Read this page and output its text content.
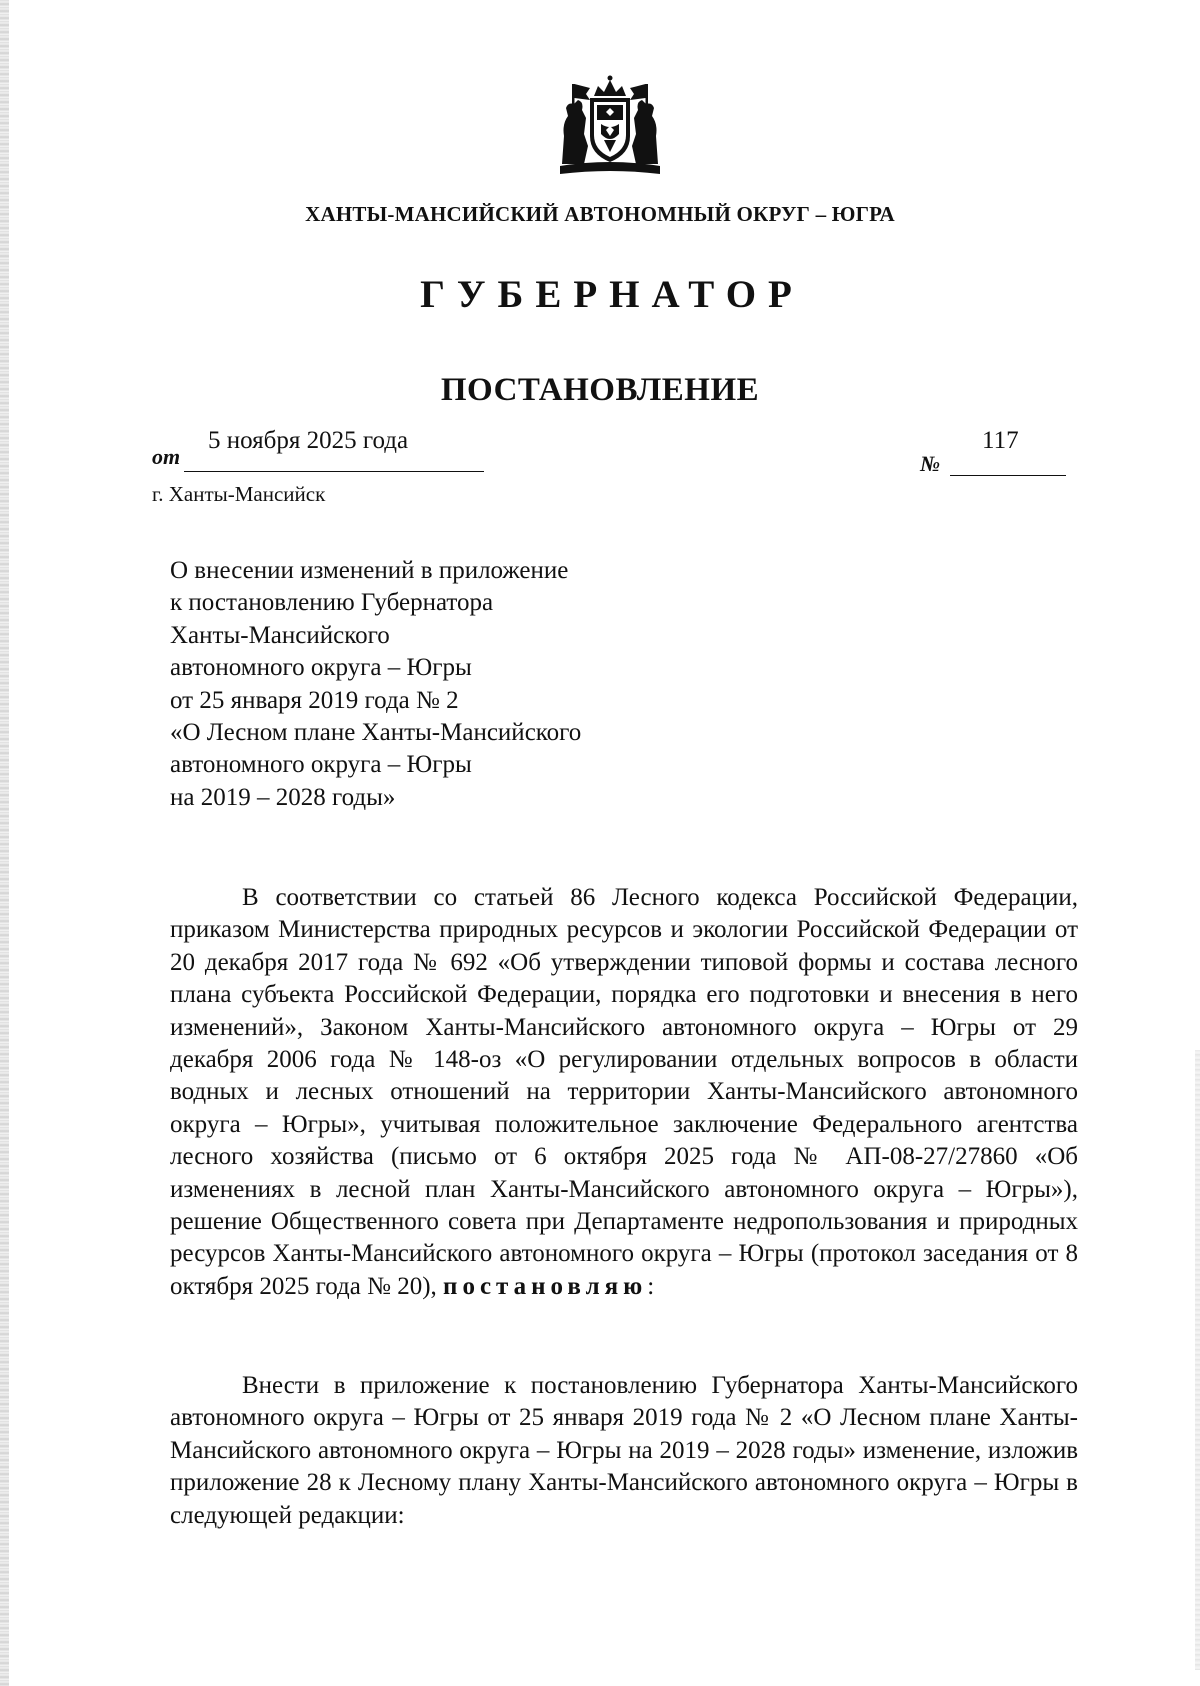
ХАНТЫ-МАНСИЙСКИЙ АВТОНОМНЫЙ ОКРУГ – ЮГРА
ГУБЕРНАТОР
ПОСТАНОВЛЕНИЕ
от
5 ноября 2025 года
№
117
г. Ханты-Мансийск
О внесении изменений в приложение
к постановлению Губернатора
Ханты-Мансийского
автономного округа – Югры
от 25 января 2019 года № 2
«О Лесном плане Ханты-Мансийского
автономного округа – Югры
на 2019 – 2028 годы»
В соответствии со статьей 86 Лесного кодекса Российской Федерации, приказом Министерства природных ресурсов и экологии Российской Федерации от 20 декабря 2017 года № 692 «Об утверждении типовой формы и состава лесного плана субъекта Российской Федерации, порядка его подготовки и внесения в него изменений», Законом Ханты-Мансийского автономного округа – Югры от 29 декабря 2006 года № 148-оз «О регулировании отдельных вопросов в области водных и лесных отношений на территории Ханты-Мансийского автономного округа – Югры», учитывая положительное заключение Федерального агентства лесного хозяйства (письмо от 6 октября 2025 года № АП-08-27/27860 «Об изменениях в лесной план Ханты-Мансийского автономного округа – Югры»), решение Общественного совета при Департаменте недропользования и природных ресурсов Ханты-Мансийского автономного округа – Югры (протокол заседания от 8 октября 2025 года № 20), постановляю:
Внести в приложение к постановлению Губернатора Ханты-Мансийского автономного округа – Югры от 25 января 2019 года № 2 «О Лесном плане Ханты-Мансийского автономного округа – Югры на 2019 – 2028 годы» изменение, изложив приложение 28 к Лесному плану Ханты-Мансийского автономного округа – Югры в следующей редакции:
